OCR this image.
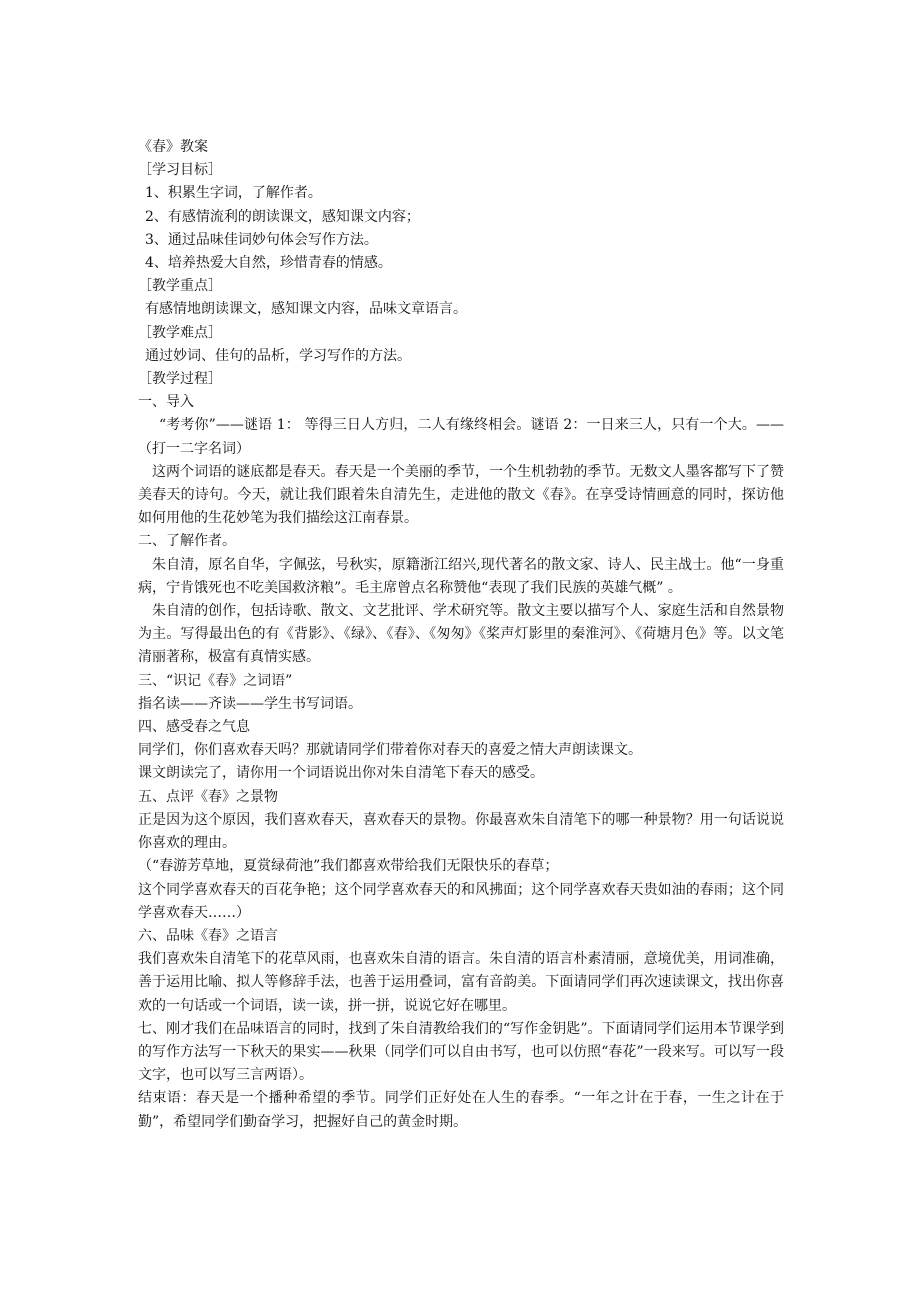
《春》教案

［学习目标］

1、积累生字词，了解作者。

2、有感情流利的朗读课文，感知课文内容；

3、通过品味佳词妙句体会写作方法。

4、培养热爱大自然，珍惜青春的情感。

［教学重点］

有感情地朗读课文，感知课文内容，品味文章语言。

［教学难点］

通过妙词、佳句的品析，学习写作的方法。

［教学过程］

一、导入

“考考你”——谜语 1： 等得三日人方归，二人有缘终相会。谜语 2：一日来三人，只有一个大。——（打一二字名词）

这两个词语的谜底都是春天。春天是一个美丽的季节，一个生机勃勃的季节。无数文人墨客都写下了赞美春天的诗句。今天，就让我们跟着朱自清先生，走进他的散文《春》。在享受诗情画意的同时，探访他如何用他的生花妙笔为我们描绘这江南春景。

二、了解作者。

朱自清，原名自华，字佩弦，号秋实，原籍浙江绍兴,现代著名的散文家、诗人、民主战士。他“一身重病，宁肯饿死也不吃美国救济粮”。毛主席曾点名称赞他“表现了我们民族的英雄气概” 。

朱自清的创作，包括诗歌、散文、文艺批评、学术研究等。散文主要以描写个人、家庭生活和自然景物为主。写得最出色的有《背影》、《绿》、《春》、《匆匆》《桨声灯影里的秦淮河》、《荷塘月色》等。以文笔清丽著称，极富有真情实感。

三、“识记《春》之词语”

指名读——齐读——学生书写词语。

四、感受春之气息

同学们，你们喜欢春天吗？那就请同学们带着你对春天的喜爱之情大声朗读课文。

课文朗读完了，请你用一个词语说出你对朱自清笔下春天的感受。

五、点评《春》之景物

正是因为这个原因，我们喜欢春天，喜欢春天的景物。你最喜欢朱自清笔下的哪一种景物？用一句话说说你喜欢的理由。

（“春游芳草地，夏赏绿荷池”我们都喜欢带给我们无限快乐的春草；

这个同学喜欢春天的百花争艳；这个同学喜欢春天的和风拂面；这个同学喜欢春天贵如油的春雨；这个同学喜欢春天……）

六、品味《春》之语言

我们喜欢朱自清笔下的花草风雨，也喜欢朱自清的语言。朱自清的语言朴素清丽，意境优美，用词准确，善于运用比喻、拟人等修辞手法，也善于运用叠词，富有音韵美。下面请同学们再次速读课文，找出你喜欢的一句话或一个词语，读一读，拼一拼，说说它好在哪里。

七、刚才我们在品味语言的同时，找到了朱自清教给我们的“写作金钥匙”。下面请同学们运用本节课学到的写作方法写一下秋天的果实——秋果（同学们可以自由书写，也可以仿照“春花”一段来写。可以写一段文字，也可以写三言两语）。

结束语：春天是一个播种希望的季节。同学们正好处在人生的春季。“一年之计在于春，一生之计在于勤”，希望同学们勤奋学习，把握好自己的黄金时期。
